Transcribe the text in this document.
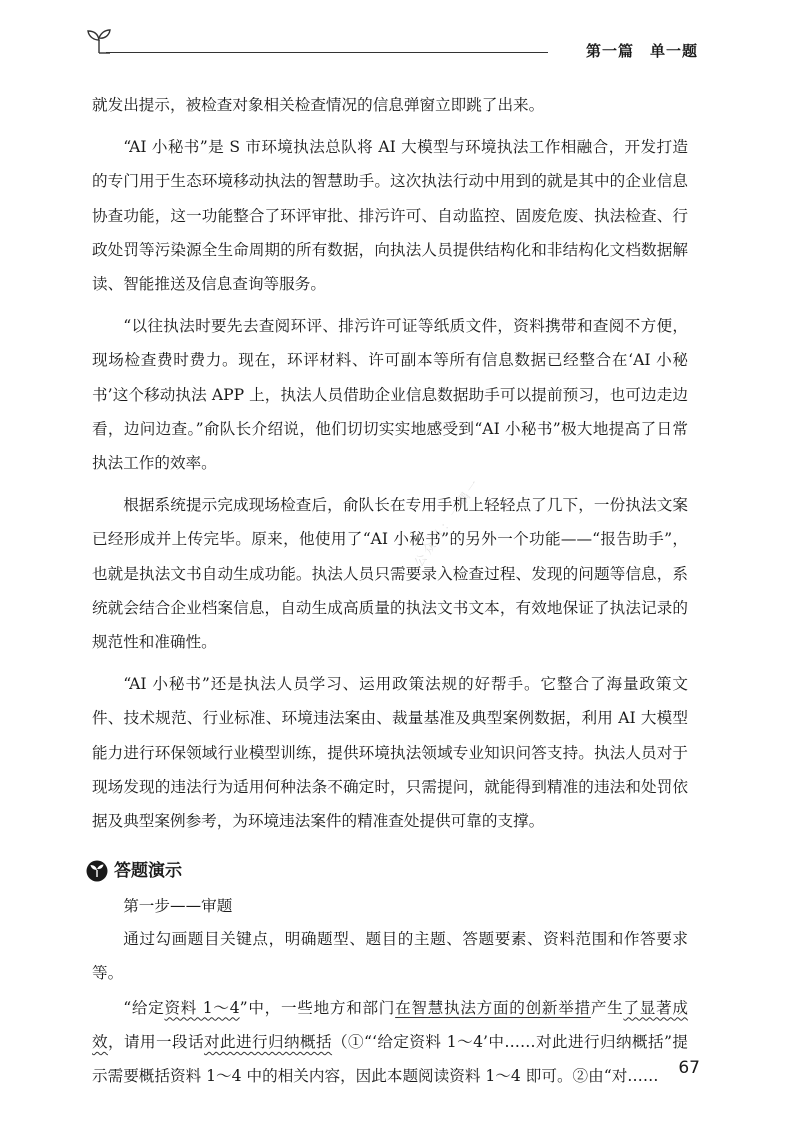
第一篇　单一题

就发出提示，被检查对象相关检查情况的信息弹窗立即跳了出来。

“AI 小秘书”是 S 市环境执法总队将 AI 大模型与环境执法工作相融合，开发打造的专门用于生态环境移动执法的智慧助手。这次执法行动中用到的就是其中的企业信息协查功能，这一功能整合了环评审批、排污许可、自动监控、固废危废、执法检查、行政处罚等污染源全生命周期的所有数据，向执法人员提供结构化和非结构化文档数据解读、智能推送及信息查询等服务。

“以往执法时要先去查阅环评、排污许可证等纸质文件，资料携带和查阅不方便，现场检查费时费力。现在，环评材料、许可副本等所有信息数据已经整合在‘AI 小秘书’这个移动执法 APP 上，执法人员借助企业信息数据助手可以提前预习，也可边走边看，边问边查。”俞队长介绍说，他们切切实实地感受到“AI 小秘书”极大地提高了日常执法工作的效率。

根据系统提示完成现场检查后，俞队长在专用手机上轻轻点了几下，一份执法文案已经形成并上传完毕。原来，他使用了“AI 小秘书”的另外一个功能——“报告助手”，也就是执法文书自动生成功能。执法人员只需要录入检查过程、发现的问题等信息，系统就会结合企业档案信息，自动生成高质量的执法文书文本，有效地保证了执法记录的规范性和准确性。

“AI 小秘书”还是执法人员学习、运用政策法规的好帮手。它整合了海量政策文件、技术规范、行业标准、环境违法案由、裁量基准及典型案例数据，利用 AI 大模型能力进行环保领域行业模型训练，提供环境执法领域专业知识问答支持。执法人员对于现场发现的违法行为适用何种法条不确定时，只需提问，就能得到精准的违法和处罚依据及典型案例参考，为环境违法案件的精准查处提供可靠的支撑。

答题演示
第一步——审题

通过勾画题目关键点，明确题型、题目的主题、答题要素、资料范围和作答要求等。

“给定资料 1～4”中，一些地方和部门在智慧执法方面的创新举措产生了显著成效，请用一段话对此进行归纳概括（①“‘给定资料 1～4’中……对此进行归纳概括”提示需要概括资料 1～4 中的相关内容，因此本题阅读资料 1～4 即可。②由“对……

公众号：一隅一
67
